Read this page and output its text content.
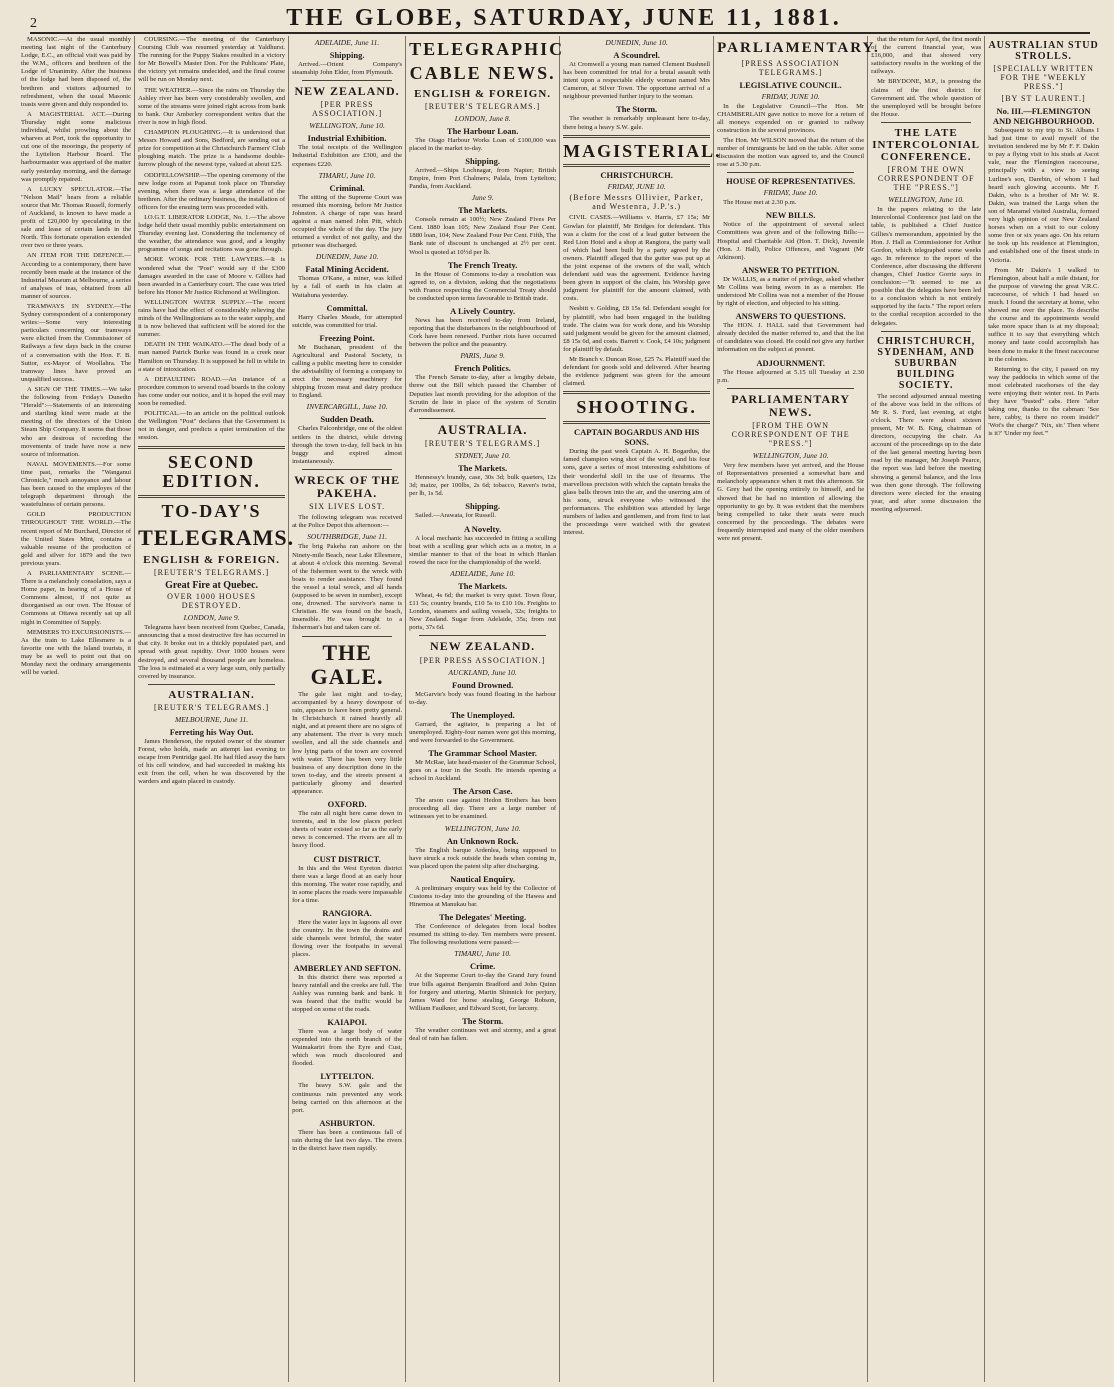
2	THE GLOBE, SATURDAY, JUNE 11, 1881.

MASONIC.—At the usual monthly meeting last night of the Canterbury Lodge, E.C., an official visit was paid by the W.M., officers and brethren of the Lodge of Unanimity. After the business of the lodge had been disposed of, the brethren and visitors adjourned to refreshment, when the usual Masonic toasts were given and duly responded to.

A MAGISTERIAL ACT.—During Thursday night some malicious individual, whilst prowling about the wharves at Port, took the opportunity to cut one of the moorings, the property of the Lyttelton Harbour Board. The harbourmaster was apprised of the matter early yesterday morning, and the damage was promptly repaired.

A LUCKY SPECULATOR.—The "Nelson Mail" hears from a reliable source that Mr. Thomas Russell, formerly of Auckland, is known to have made a profit of £20,000 by speculating in the sale and lease of certain lands in the North. This fortunate operation extended over two or three years.

AN ITEM FOR THE DEFENCE.—According to a contemporary, there have recently been made at the instance of the Industrial Museum at Melbourne, a series of analyses of teas, obtained from all manner of sources.

TRAMWAYS IN SYDNEY.—The Sydney correspondent of a contemporary writes:—Some very interesting particulars concerning our tramways were elicited from the Commissioner of Railways a few days back in the course of a conversation with the Hon. F. B. Suttor, ex-Mayor of Woollahra. The tramway lines have proved an unqualified success.

A SIGN OF THE TIMES.—We take the following from Friday's Dunedin "Herald":—Statements of an interesting and startling kind were made at the meeting of the directors of the Union Steam Ship Company. It seems that those who are desirous of recording the movements of trade have now a new source of information.

NAVAL MOVEMENTS.—For some time past, remarks the "Wanganui Chronicle," much annoyance and labour has been caused to the employes of the telegraph department through the wastefulness of certain persons.

GOLD PRODUCTION THROUGHOUT THE WORLD.—The recent report of Mr Burchard, Director of the United States Mint, contains a valuable resume of the production of gold and silver for 1879 and the two previous years.

A PARLIAMENTARY SCENE.—There is a melancholy consolation, says a Home paper, in hearing of a House of Commons almost, if not quite as disorganised as our own. The House of Commons at Ottawa recently sat up all night in Committee of Supply.

MEMBERS TO EXCURSIONISTS.—As the train to Lake Ellesmere is a favorite one with the Island tourists, it may be as well to point out that on Monday next the ordinary arrangements will be varied.

COURSING.—The meeting of the Canterbury Coursing Club was resumed yesterday at Yaldhurst. The running for the Puppy Stakes resulted in a victory for Mr Bowell's Master Don. For the Publicans' Plate, the victory yet remains undecided, and the final course will be run on Monday next.

THE WEATHER.—Since the rains on Thursday the Ashley river has been very considerably swollen, and some of the streams were joined right across from bank to bank. Our Amberley correspondent writes that the river is now in high flood.

CHAMPION PLOUGHING.—It is understood that Messrs Howard and Sons, Bedford, are sending out a prize for competition at the Christchurch Farmers' Club ploughing match. The prize is a handsome double-furrow plough of the newest type, valued at about £25.

ODDFELLOWSHIP.—The opening ceremony of the new lodge room at Papanui took place on Thursday evening, when there was a large attendance of the brethren. After the ordinary business, the installation of officers for the ensuing term was proceeded with.

I.O.G.T. LIBERATOR LODGE, No. 1.—The above lodge held their usual monthly public entertainment on Thursday evening last. Considering the inclemency of the weather, the attendance was good, and a lengthy programme of songs and recitations was gone through.

MORE WORK FOR THE LAWYERS.—It is wondered what the "Post" would say if the £300 damages awarded in the case of Moore v. Gillies had been awarded in a Canterbury court. The case was tried before his Honor Mr Justice Richmond at Wellington.

WELLINGTON WATER SUPPLY.—The recent rains have had the effect of considerably relieving the minds of the Wellingtonians as to the water supply, and it is now believed that sufficient will be stored for the summer.

DEATH IN THE WAIKATO.—The dead body of a man named Patrick Burke was found in a creek near Hamilton on Thursday. It is supposed he fell in while in a state of intoxication.

A DEFAULTING ROAD.—An instance of a procedure common to several road boards in the colony has come under our notice, and it is hoped the evil may soon be remedied.

POLITICAL.—In an article on the political outlook the Wellington "Post" declares that the Government is not in danger, and predicts a quiet termination of the session.

SECOND EDITION.
TO-DAY'S
TELEGRAMS.
ENGLISH & FOREIGN.
[REUTER'S TELEGRAMS.]
Great Fire at Quebec.
OVER 1000 HOUSES DESTROYED.
LONDON, June 9.

Telegrams have been received from Quebec, Canada, announcing that a most destructive fire has occurred in that city. It broke out in a thickly populated part, and spread with great rapidity. Over 1000 houses were destroyed, and several thousand people are homeless. The loss is estimated at a very large sum, only partially covered by insurance.

AUSTRALIAN.
[REUTER'S TELEGRAMS.]
MELBOURNE, June 11.
Ferreting his Way Out.

James Henderson, the reputed owner of the steamer Forest, who holds, made an attempt last evening to escape from Pentridge gaol. He had filed away the bars of his cell window, and had succeeded in making his exit from the cell, when he was discovered by the warders and again placed in custody.

ADELAIDE, June 11.
Shipping.

Arrived.—Orient Company's steamship John Elder, from Plymouth.

NEW ZEALAND.
[PER PRESS ASSOCIATION.]
WELLINGTON, June 10.
Industrial Exhibition.

The total receipts of the Wellington Industrial Exhibition are £300, and the expenses £220.

TIMARU, June 10.
Criminal.

The sitting of the Supreme Court was resumed this morning, before Mr Justice Johnston. A charge of rape was heard against a man named John Pitt, which occupied the whole of the day. The jury returned a verdict of not guilty, and the prisoner was discharged.

DUNEDIN, June 10.
Fatal Mining Accident.

Thomas O'Kane, a miner, was killed by a fall of earth in his claim at Waitahuna yesterday.

Committal.

Harry Charles Meade, for attempted suicide, was committed for trial.

Freezing Point.

Mr Buchanan, president of the Agricultural and Pastoral Society, is calling a public meeting here to consider the advisability of forming a company to erect the necessary machinery for shipping frozen meat and dairy produce to England.

INVERCARGILL, June 10.
Sudden Death.

Charles Falconbridge, one of the oldest settlers in the district, while driving through the town to-day, fell back in his buggy and expired almost instantaneously.

WRECK OF THE PAKEHA.
SIX LIVES LOST.

The following telegram was received at the Police Depot this afternoon:—

SOUTHBRIDGE, June 11.

The brig Pakeha ran ashore on the Ninety-mile Beach, near Lake Ellesmere, at about 4 o'clock this morning. Several of the fishermen went to the wreck with boats to render assistance. They found the vessel a total wreck, and all hands (supposed to be seven in number), except one, drowned. The survivor's name is Christian. He was found on the beach, insensible. He was brought to a fisherman's hut and taken care of.

THE GALE.

The gale last night and to-day, accompanied by a heavy downpour of rain, appears to have been pretty general. In Christchurch it rained heavily all night, and at present there are no signs of any abatement. The river is very much swollen, and all the side channels and low lying parts of the town are covered with water. There has been very little business of any description done in the town to-day, and the streets present a particularly gloomy and deserted appearance.

OXFORD.

The rain all night here came down in torrents, and in the low places perfect sheets of water existed so far as the early news is concerned. The rivers are all in heavy flood.

CUST DISTRICT.

In this and the West Eyreton district there was a large flood at an early hour this morning. The water rose rapidly, and in some places the roads were impassable for a time.

RANGIORA.

Here the water lays in lagoons all over the country. In the town the drains and side channels were brimful, the water flowing over the footpaths in several places.

AMBERLEY AND SEFTON.

In this district there was reported a heavy rainfall and the creeks are full. The Ashley was running bank and bank. It was feared that the traffic would be stopped on some of the roads.

KAIAPOI.

There was a large body of water expended into the north branch of the Waimakariri from the Eyre and Cust, which was much discoloured and flooded.

LYTTELTON.

The heavy S.W. gale and the continuous rain prevented any work being carried on this afternoon at the port.

ASHBURTON.

There has been a continuous fall of rain during the last two days. The rivers in the district have risen rapidly.

TELEGRAPHIC
CABLE NEWS.
ENGLISH & FOREIGN.
[REUTER'S TELEGRAMS.]
LONDON, June 8.
The Harbour Loan.

The Otago Harbour Works Loan of £100,000 was placed in the market to-day.

Shipping.

Arrived.—Ships Lochnagar, from Napier; British Empire, from Port Chalmers; Palala, from Lyttelton; Pandia, from Auckland.

June 9.
The Markets.

Consols remain at 100½; New Zealand Fives Per Cent. 1880 loan 105; New Zealand Four Per Cent. 1880 loan, 104; New Zealand Four Per Cent. Fifth, The Bank rate of discount is unchanged at 2½ per cent. Wool is quoted at 10½d per lb.

The French Treaty.

In the House of Commons to-day a resolution was agreed to, on a division, asking that the negotiations with France respecting the Commercial Treaty should be conducted upon terms favourable to British trade.

A Lively Country.

News has been received to-day from Ireland, reporting that the disturbances in the neighbourhood of Cork have been renewed. Further riots have occurred between the police and the peasantry.

PARIS, June 9.
French Politics.

The French Senate to-day, after a lengthy debate, threw out the Bill which passed the Chamber of Deputies last month providing for the adoption of the Scrutin de liste in place of the system of Scrutin d'arrondissement.

AUSTRALIA.
[REUTER'S TELEGRAMS.]
SYDNEY, June 10.
The Markets.

Hennessy's brandy, case, 30s 3d; bulk quarters, 12s 3d; maize, per 100lbs, 2s 6d; tobacco, Raven's twist, per lb, 1s 5d.

Shipping.

Sailed.—Arawata, for Russell.

A Novelty.

A local mechanic has succeeded in fitting a sculling boat with a sculling gear which acts as a motor, in a similar manner to that of the boat in which Hanlan rowed the race for the championship of the world.

ADELAIDE, June 10.
The Markets.

Wheat, 4s 6d; the market is very quiet. Town flour, £11 5s; country brands, £10 5s to £10 10s. Freights to London, steamers and sailing vessels, 32s; freights to New Zealand. Sugar from Adelaide, 35s; from out ports, 37s 6d.

NEW ZEALAND.
[PER PRESS ASSOCIATION.]
AUCKLAND, June 10.
Found Drowned.

McGarvie's body was found floating in the harbour to-day.

The Unemployed.

Garrard, the agitator, is preparing a list of unemployed. Eighty-four names were got this morning, and were forwarded to the Government.

The Grammar School Master.

Mr McRae, late head-master of the Grammar School, goes on a tour in the South. He intends opening a school in Auckland.

The Arson Case.

The arson case against Hedon Brothers has been proceeding all day. There are a large number of witnesses yet to be examined.

WELLINGTON, June 10.
An Unknown Rock.

The English barque Ardenlea, being supposed to have struck a rock outside the heads when coming in, was placed upon the patent slip after discharging.

Nautical Enquiry.

A preliminary enquiry was held by the Collector of Customs to-day into the grounding of the Hawea and Hinemoa at Manukau bar.

The Delegates' Meeting.

The Conference of delegates from local bodies resumed its sitting to-day. Ten members were present. The following resolutions were passed:—

TIMARU, June 10.
Crime.

At the Supreme Court to-day the Grand Jury found true bills against Benjamin Bradford and John Quinn for forgery and uttering, Martin Shinnick for perjury, James Ward for horse stealing, George Robson, William Faulkner, and Edward Scott, for larceny.

The Storm.

The weather continues wet and stormy, and a great deal of rain has fallen.

DUNEDIN, June 10.
A Scoundrel.

At Cromwell a young man named Clement Bushnell has been committed for trial for a brutal assault with intent upon a respectable elderly woman named Mrs Cameron, at Silver Town. The opportune arrival of a neighbour prevented further injury to the woman.

The Storm.

The weather is remarkably unpleasant here to-day, there being a heavy S.W. gale.

MAGISTERIAL.
CHRISTCHURCH.
FRIDAY, JUNE 10.
(Before Messrs Ollivier, Parker, and Westenra, J.P.'s.)

CIVIL CASES.—Williams v. Harris, £7 15s; Mr Gowlan for plaintiff, Mr Bridges for defendant. This was a claim for the cost of a lead gutter between the Red Lion Hotel and a shop at Rangiora, the party wall of which had been built by a party agreed by the owners. Plaintiff alleged that the gutter was put up at the joint expense of the owners of the wall, which defendant said was the agreement. Evidence having been given in support of the claim, his Worship gave judgment for plaintiff for the amount claimed, with costs.

Nesbitt v. Golding, £8 15s 6d. Defendant sought for by plaintiff, who had been engaged in the building trade. The claim was for work done, and his Worship said judgment would be given for the amount claimed, £8 15s 6d, and costs. Barrett v. Cook, £4 10s; judgment for plaintiff by default.

Mr Branch v. Duncan Rose, £25 7s. Plaintiff sued the defendant for goods sold and delivered. After hearing the evidence judgment was given for the amount claimed.

SHOOTING.
CAPTAIN BOGARDUS AND HIS SONS.

During the past week Captain A. H. Bogardus, the famed champion wing shot of the world, and his four sons, gave a series of most interesting exhibitions of their wonderful skill in the use of firearms. The marvellous precision with which the captain breaks the glass balls thrown into the air, and the unerring aim of his sons, struck everyone who witnessed the performances. The exhibition was attended by large numbers of ladies and gentlemen, and from first to last the proceedings were watched with the greatest interest.

PARLIAMENTARY.
[PRESS ASSOCIATION TELEGRAMS.]
LEGISLATIVE COUNCIL.
FRIDAY, JUNE 10.

In the Legislative Council—The Hon. Mr CHAMBERLAIN gave notice to move for a return of all moneys expended on or granted to railway construction in the several provinces.

The Hon. Mr WILSON moved that the return of the number of immigrants be laid on the table. After some discussion the motion was agreed to, and the Council rose at 5.30 p.m.

HOUSE OF REPRESENTATIVES.
FRIDAY, June 10.

The House met at 2.30 p.m.

NEW BILLS.

Notice of the appointment of several select Committees was given and of the following Bills:—Hospital and Charitable Aid (Hon. T. Dick), Juvenile (Hon. J. Hall), Police Offences, and Vagrant (Mr Atkinson).

ANSWER TO PETITION.

Dr WALLIS, as a matter of privilege, asked whether Mr Collins was being sworn in as a member. He understood Mr Collins was not a member of the House by right of election, and objected to his sitting.

ANSWERS TO QUESTIONS.

The HON. J. HALL said that Government had already decided the matter referred to, and that the list of candidates was closed. He could not give any further information on the subject at present.

ADJOURNMENT.

The House adjourned at 5.15 till Tuesday at 2.30 p.m.

PARLIAMENTARY NEWS.
[FROM THE OWN CORRESPONDENT OF THE "PRESS."]
WELLINGTON, June 10.

Very few members have yet arrived, and the House of Representatives presented a somewhat bare and melancholy appearance when it met this afternoon. Sir G. Grey had the opening entirely to himself, and he showed that he had no intention of allowing the opportunity to go by. It was evident that the members being compelled to take their seats were much concerned by the proceedings. The debates were frequently interrupted and many of the older members were not present.

that the return for April, the first month of the current financial year, was £16,000, and that showed very satisfactory results in the working of the railways.

Mr BRYDONE, M.P., is pressing the claims of the first district for Government aid. The whole question of the unemployed will be brought before the House.

THE LATE INTERCOLONIAL CONFERENCE.
[FROM THE OWN CORRESPONDENT OF THE "PRESS."]
WELLINGTON, June 10.

In the papers relating to the late Intercolonial Conference just laid on the table, is published a Chief Justice Gillies's memorandum, appointed by the Hon. J. Hall as Commissioner for Arthur Gordon, which telegraphed some weeks ago. In reference to the report of the Conference, after discussing the different changes, Chief Justice Gorrie says in conclusion:—"It seemed to me as possible that the delegates have been led to a conclusion which is not entirely supported by the facts." The report refers to the cordial reception accorded to the delegates.

CHRISTCHURCH, SYDENHAM, AND SUBURBAN BUILDING SOCIETY.

The second adjourned annual meeting of the above was held in the offices of Mr R. S. Ford, last evening, at eight o'clock. There were about sixteen present, Mr W. B. King, chairman of directors, occupying the chair. As account of the proceedings up to the date of the last general meeting having been read by the manager, Mr Joseph Pearce, the report was laid before the meeting showing a general balance, and the loss was then gone through. The following directors were elected for the ensuing year, and after some discussion the meeting adjourned.

AUSTRALIAN STUD STROLLS.
[SPECIALLY WRITTEN FOR THE "WEEKLY PRESS."]
[BY ST LAURENT.]
No. III.—FLEMINGTON AND NEIGHBOURHOOD.

Subsequent to my trip to St. Albans I had just time to avail myself of the invitation tendered me by Mr F. F. Dakin to pay a flying visit to his studs at Ascot vale, near the Flemington racecourse, principally with a view to seeing Lurline's son, Darebin, of whom I had heard such glowing accounts. Mr F. Dakin, who is a brother of Mr W. R. Dakin, was trained the Largs when the son of Maramel visited Australia, formed very high opinion of our New Zealand horses when on a visit to our colony some five or six years ago. On his return he took up his residence at Flemington, and established one of the finest studs in Victoria.

From Mr Dakin's I walked to Flemington, about half a mile distant, for the purpose of viewing the great V.R.C. racecourse, of which I had heard so much. I found the secretary at home, who showed me over the place. To describe the course and its appointments would take more space than is at my disposal; suffice it to say that everything which money and taste could accomplish has been done to make it the finest racecourse in the colonies.

Returning to the city, I passed on my way the paddocks in which some of the most celebrated racehorses of the day were enjoying their winter rest. In Paris they have "busted" cabs. Here "after taking one, thanks to the cabman: 'See here, cabby, is there no room inside?' 'Wot's the charge?' 'Nix, sir.' Then where is it?' 'Under my feet.'"
